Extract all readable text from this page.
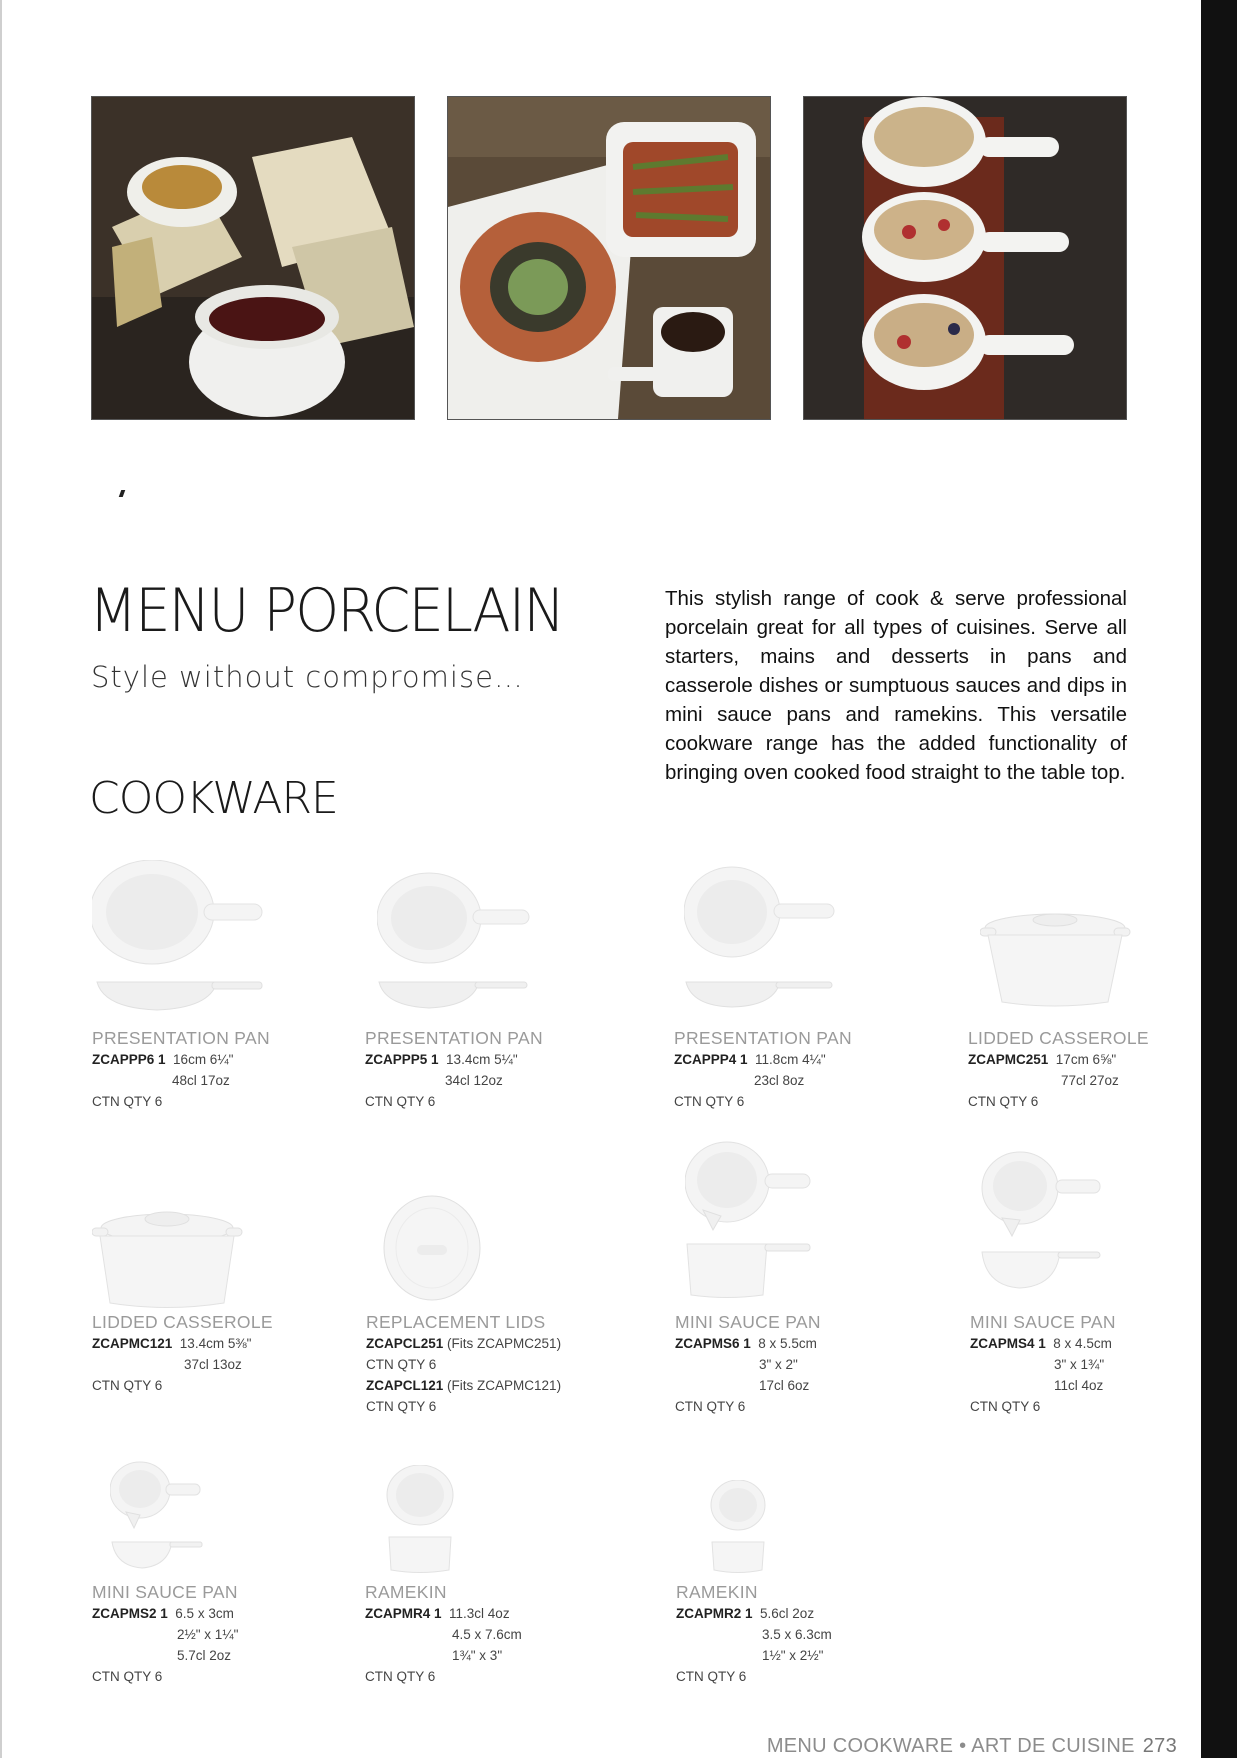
MENU PORCELAIN
Style without compromise…
COOKWARE

This stylish range of cook & serve professional porcelain great for all types of cuisines. Serve all starters, mains and desserts in pans and casserole dishes or sumptuous sauces and dips in mini sauce pans and ramekins. This versatile cookware range has the added functionality of bringing oven cooked food straight to the table top.

PRESENTATION PAN
ZCAPPP6 1 16cm 6¼"
48cl 17oz
CTN QTY 6
PRESENTATION PAN
ZCAPPP5 1 13.4cm 5¼"
34cl 12oz
CTN QTY 6
PRESENTATION PAN
ZCAPPP4 1 11.8cm 4¼"
23cl 8oz
CTN QTY 6
LIDDED CASSEROLE
ZCAPMC251 17cm 6⅝"
77cl 27oz
CTN QTY 6
LIDDED CASSEROLE
ZCAPMC121 13.4cm 5⅜"
37cl 13oz
CTN QTY 6
REPLACEMENT LIDS
ZCAPCL251 (Fits ZCAPMC251)
CTN QTY 6
ZCAPCL121 (Fits ZCAPMC121)
CTN QTY 6
MINI SAUCE PAN
ZCAPMS6 1 8 x 5.5cm
3" x 2"
17cl 6oz
CTN QTY 6
MINI SAUCE PAN
ZCAPMS4 1 8 x 4.5cm
3" x 1¾"
11cl 4oz
CTN QTY 6
MINI SAUCE PAN
ZCAPMS2 1 6.5 x 3cm
2½" x 1¼"
5.7cl 2oz
CTN QTY 6
RAMEKIN
ZCAPMR4 1 11.3cl 4oz
4.5 x 7.6cm
1¾" x 3"
CTN QTY 6
RAMEKIN
ZCAPMR2 1 5.6cl 2oz
3.5 x 6.3cm
1½" x 2½"
CTN QTY 6
MENU COOKWARE • ART DE CUISINE 273
